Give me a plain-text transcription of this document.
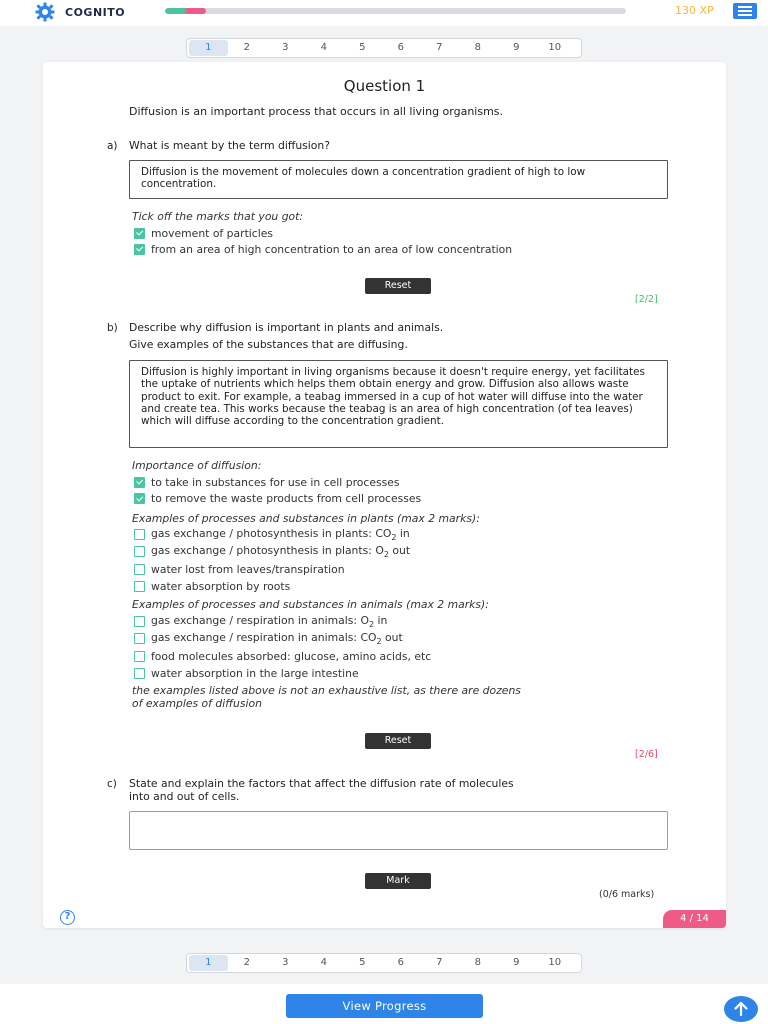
COGNITO	130 XP
1	2	3	4	5	6	7	8	9	10
Question 1
Diffusion is an important process that occurs in all living organisms.
a) What is meant by the term diffusion?
Diffusion is the movement of molecules down a concentration gradient of high to low concentration.
Tick off the marks that you got:
movement of particles
from an area of high concentration to an area of low concentration
Reset
[2/2]
b) Describe why diffusion is important in plants and animals.
Give examples of the substances that are diffusing.
Diffusion is highly important in living organisms because it doesn't require energy, yet facilitates the uptake of nutrients which helps them obtain energy and grow. Diffusion also allows waste product to exit. For example, a teabag immersed in a cup of hot water will diffuse into the water and create tea. This works because the teabag is an area of high concentration (of tea leaves) which will diffuse according to the concentration gradient.
Importance of diffusion:
to take in substances for use in cell processes
to remove the waste products from cell processes
Examples of processes and substances in plants (max 2 marks):
gas exchange / photosynthesis in plants: $CO_2$ in
gas exchange / photosynthesis in plants: $O_2$ out
water lost from leaves/transpiration
water absorption by roots
Examples of processes and substances in animals (max 2 marks):
gas exchange / respiration in animals: $O_2$ in
gas exchange / respiration in animals: $CO_2$ out
food molecules absorbed: glucose, amino acids, etc
water absorption in the large intestine
the examples listed above is not an exhaustive list, as there are dozens
of examples of diffusion
Reset
[2/6]
c) State and explain the factors that affect the diffusion rate of molecules
into and out of cells.
Mark
(0/6 marks)
?	4 / 14
1	2	3	4	5	6	7	8	9	10
View Progress
